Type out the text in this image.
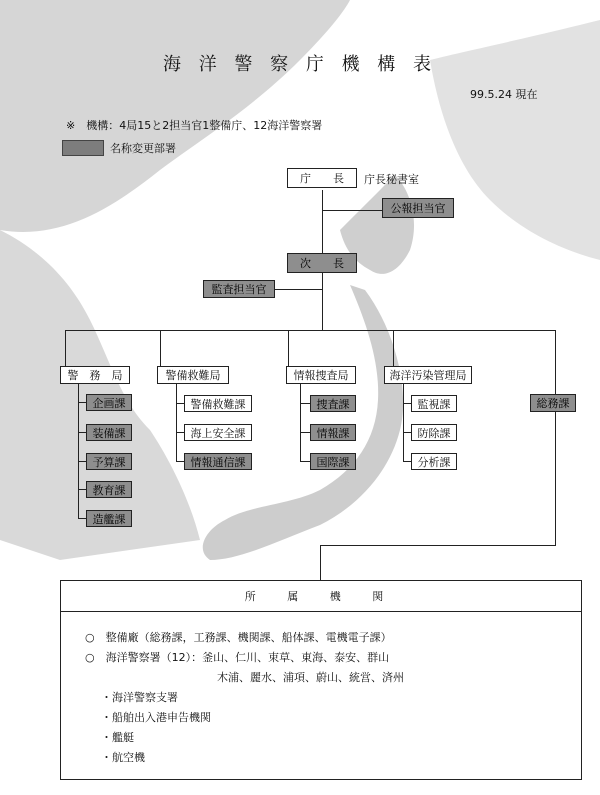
海 洋 警 察 庁 機 構 表
99.5.24 現在
※　機構：4局15と2担当官1整備庁、12海洋警察署
名称変更部署
庁　　長	庁長秘書室
公報担当官
次　　長
監査担当官
警　務　局
企画課
装備課
予算課
教育課
造艦課
警備救難局
警備救難課
海上安全課
情報通信課
情報捜査局
捜査課
情報課
国際課
海洋汚染管理局
監視課
防除課
分析課
総務課
所 属 機 関
○　整備廠（総務課，工務課、機関課、船体課、電機電子課）
○　海洋警察署（12）：釜山、仁川、束草、東海、泰安、群山
木浦、麗水、浦項、蔚山、統営、済州
・海洋警察支署
・船舶出入港申告機関
・艦艇
・航空機
